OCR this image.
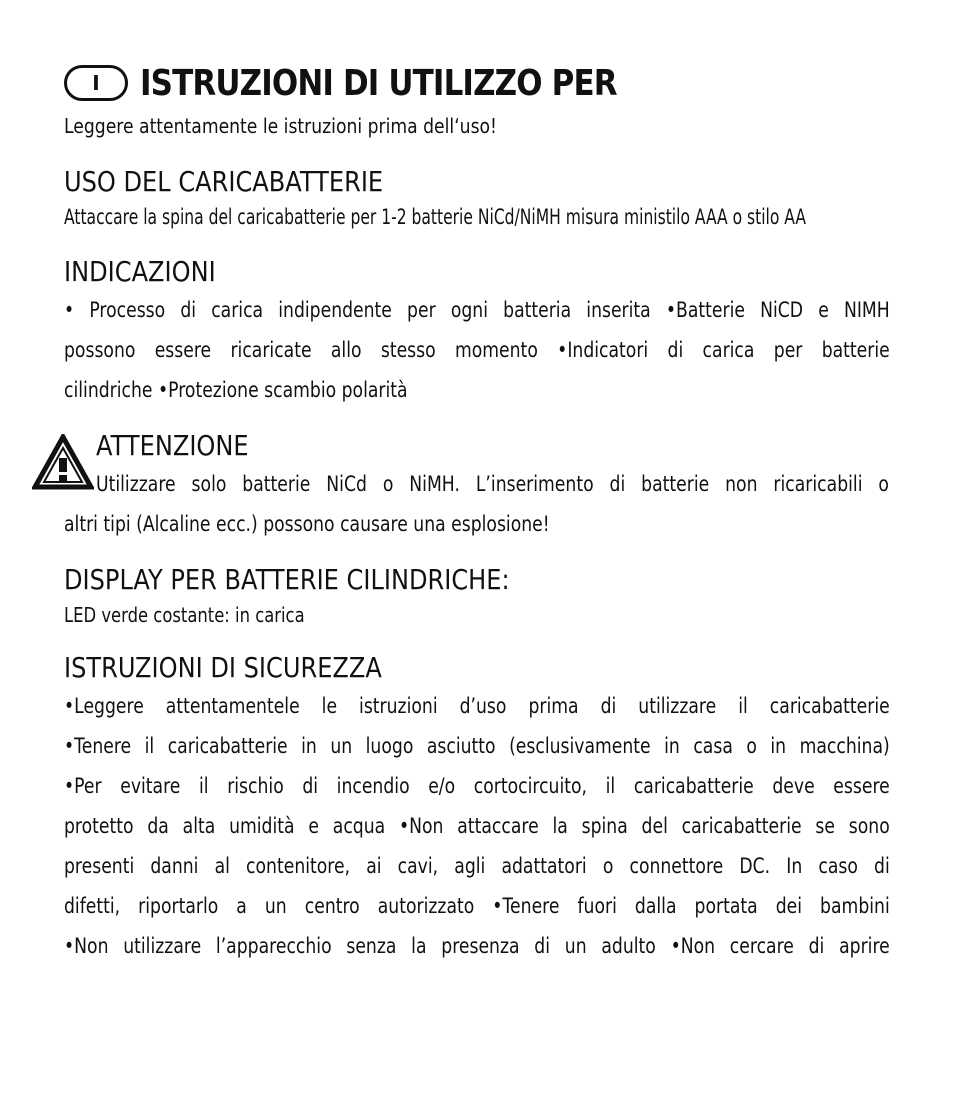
I	ISTRUZIONI DI UTILIZZO PER
Leggere attentamente le istruzioni prima dell‘uso!
USO DEL CARICABATTERIE
Attaccare la spina del caricabatterie per 1-2 batterie NiCd/NiMH misura ministilo AAA o stilo AA
INDICAZIONI
• Processo di carica indipendente per ogni batteria inserita •Batterie NiCD e NIMH
possono essere ricaricate allo stesso momento •Indicatori di carica per batterie
cilindriche •Protezione scambio polarità
ATTENZIONE
Utilizzare solo batterie NiCd o NiMH. L’inserimento di batterie non ricaricabili o
altri tipi (Alcaline ecc.) possono causare una esplosione!
DISPLAY PER BATTERIE CILINDRICHE:
LED verde costante: in carica
ISTRUZIONI DI SICUREZZA
•Leggere attentamentele le istruzioni d’uso prima di utilizzare il caricabatterie
•Tenere il caricabatterie in un luogo asciutto (esclusivamente in casa o in macchina)
•Per evitare il rischio di incendio e/o cortocircuito, il caricabatterie deve essere
protetto da alta umidità e acqua •Non attaccare la spina del caricabatterie se sono
presenti danni al contenitore, ai cavi, agli adattatori o connettore DC. In caso di
difetti, riportarlo a un centro autorizzato •Tenere fuori dalla portata dei bambini
•Non utilizzare l’apparecchio senza la presenza di un adulto •Non cercare di aprire
